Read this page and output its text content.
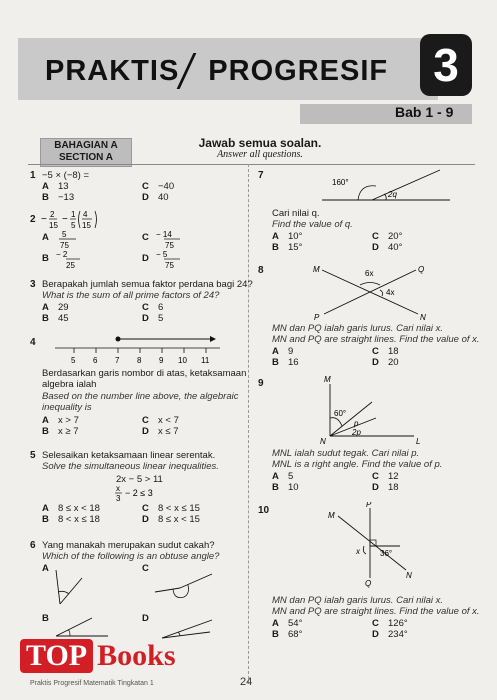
PRAKTIS PROGRESIF 3
Bab 1 - 9
BAHAGIAN A
SECTION A
Jawab semua soalan.
Answer all questions.
1 −5 × (−8) =
A 13
B −13
C −40
D 40
2 − 2
15
− 1
5
4
15
A	5
75
B − 2
25
C − 14
75
D − 5
75
3 Berapakah jumlah semua faktor perdana bagi 24?
What is the sum of all prime factors of 24?
A 29
B 45
C 6
D 5
4
5 6 7 8 9 10 11
Berdasarkan garis nombor di atas, ketaksamaan
algebra ialah
Based on the number line above, the algebraic
inequality is
A x > 7
B x ≥ 7
C x < 7
D x ≤ 7
5 Selesaikan ketaksamaan linear serentak.
Solve the simultaneous linear inequalities.
2x − 5 > 11
x
3
− 2 ≤ 3
A 8 ≤ x < 18
B 8 < x ≤ 18
C 8 < x ≤ 15
D 8 ≤ x < 15
6 Yang manakah merupakan sudut cakah?
Which of the following is an obtuse angle?
A	C
B	D
7
160°
2q
Cari nilai q.
Find the value of q.
A 10°
B 15°
C 20°
D 40°
8	M
N
P
Q
6x
4x
MN dan PQ ialah garis lurus. Cari nilai x.
MN and PQ are straight lines. Find the value of x.
A 9
B 16
C 18
D 20
9	M
N	L
60°
p
2p
MNL ialah sudut tegak. Cari nilai p.
MNL is a right angle. Find the value of p.
A 5
B 10
C 12
D 18
10	M
P
N
Q
x	36°
MN dan PQ ialah garis lurus. Cari nilai x.
MN and PQ are straight lines. Find the value of x.
A 54°
B 68°
C 126°
D 234°
TOP Books
Praktis Progresif Matematik Tingkatan 1	24
